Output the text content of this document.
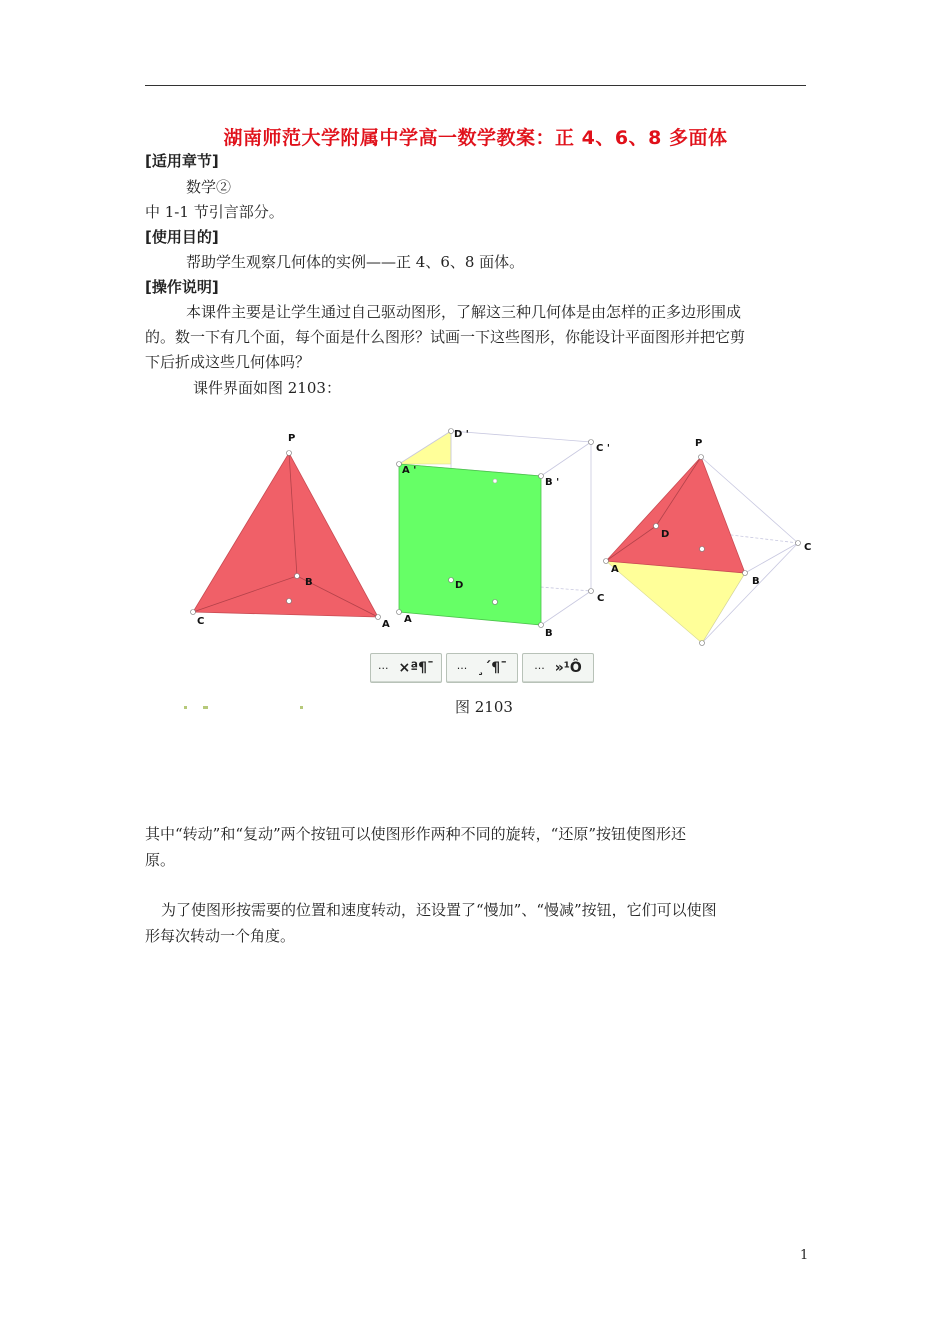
湖南师范大学附属中学高一数学教案：正 4、6、8 多面体
[适用章节]
数学②
中 1-1 节引言部分。
[使用目的]
帮助学生观察几何体的实例——正 4、6、8 面体。
[操作说明]
本课件主要是让学生通过自己驱动图形，了解这三种几何体是由怎样的正多边形围成
的。数一下有几个面，每个面是什么图形？试画一下这些图形，你能设计平面图形并把它剪
下后折成这些几何体吗？
课件界面如图 2103：
P
B
C	A
D '
C '
A '
B '
D
C
A
B
P
D
C
A
B
··· ×ª¶¯ ··· ¸´¶¯ ··· »¹Ô
图 2103
其中“转动”和“复动”两个按钮可以使图形作两种不同的旋转，“还原”按钮使图形还
原。
为了使图形按需要的位置和速度转动，还设置了“慢加”、“慢减”按钮，它们可以使图
形每次转动一个角度。
1
